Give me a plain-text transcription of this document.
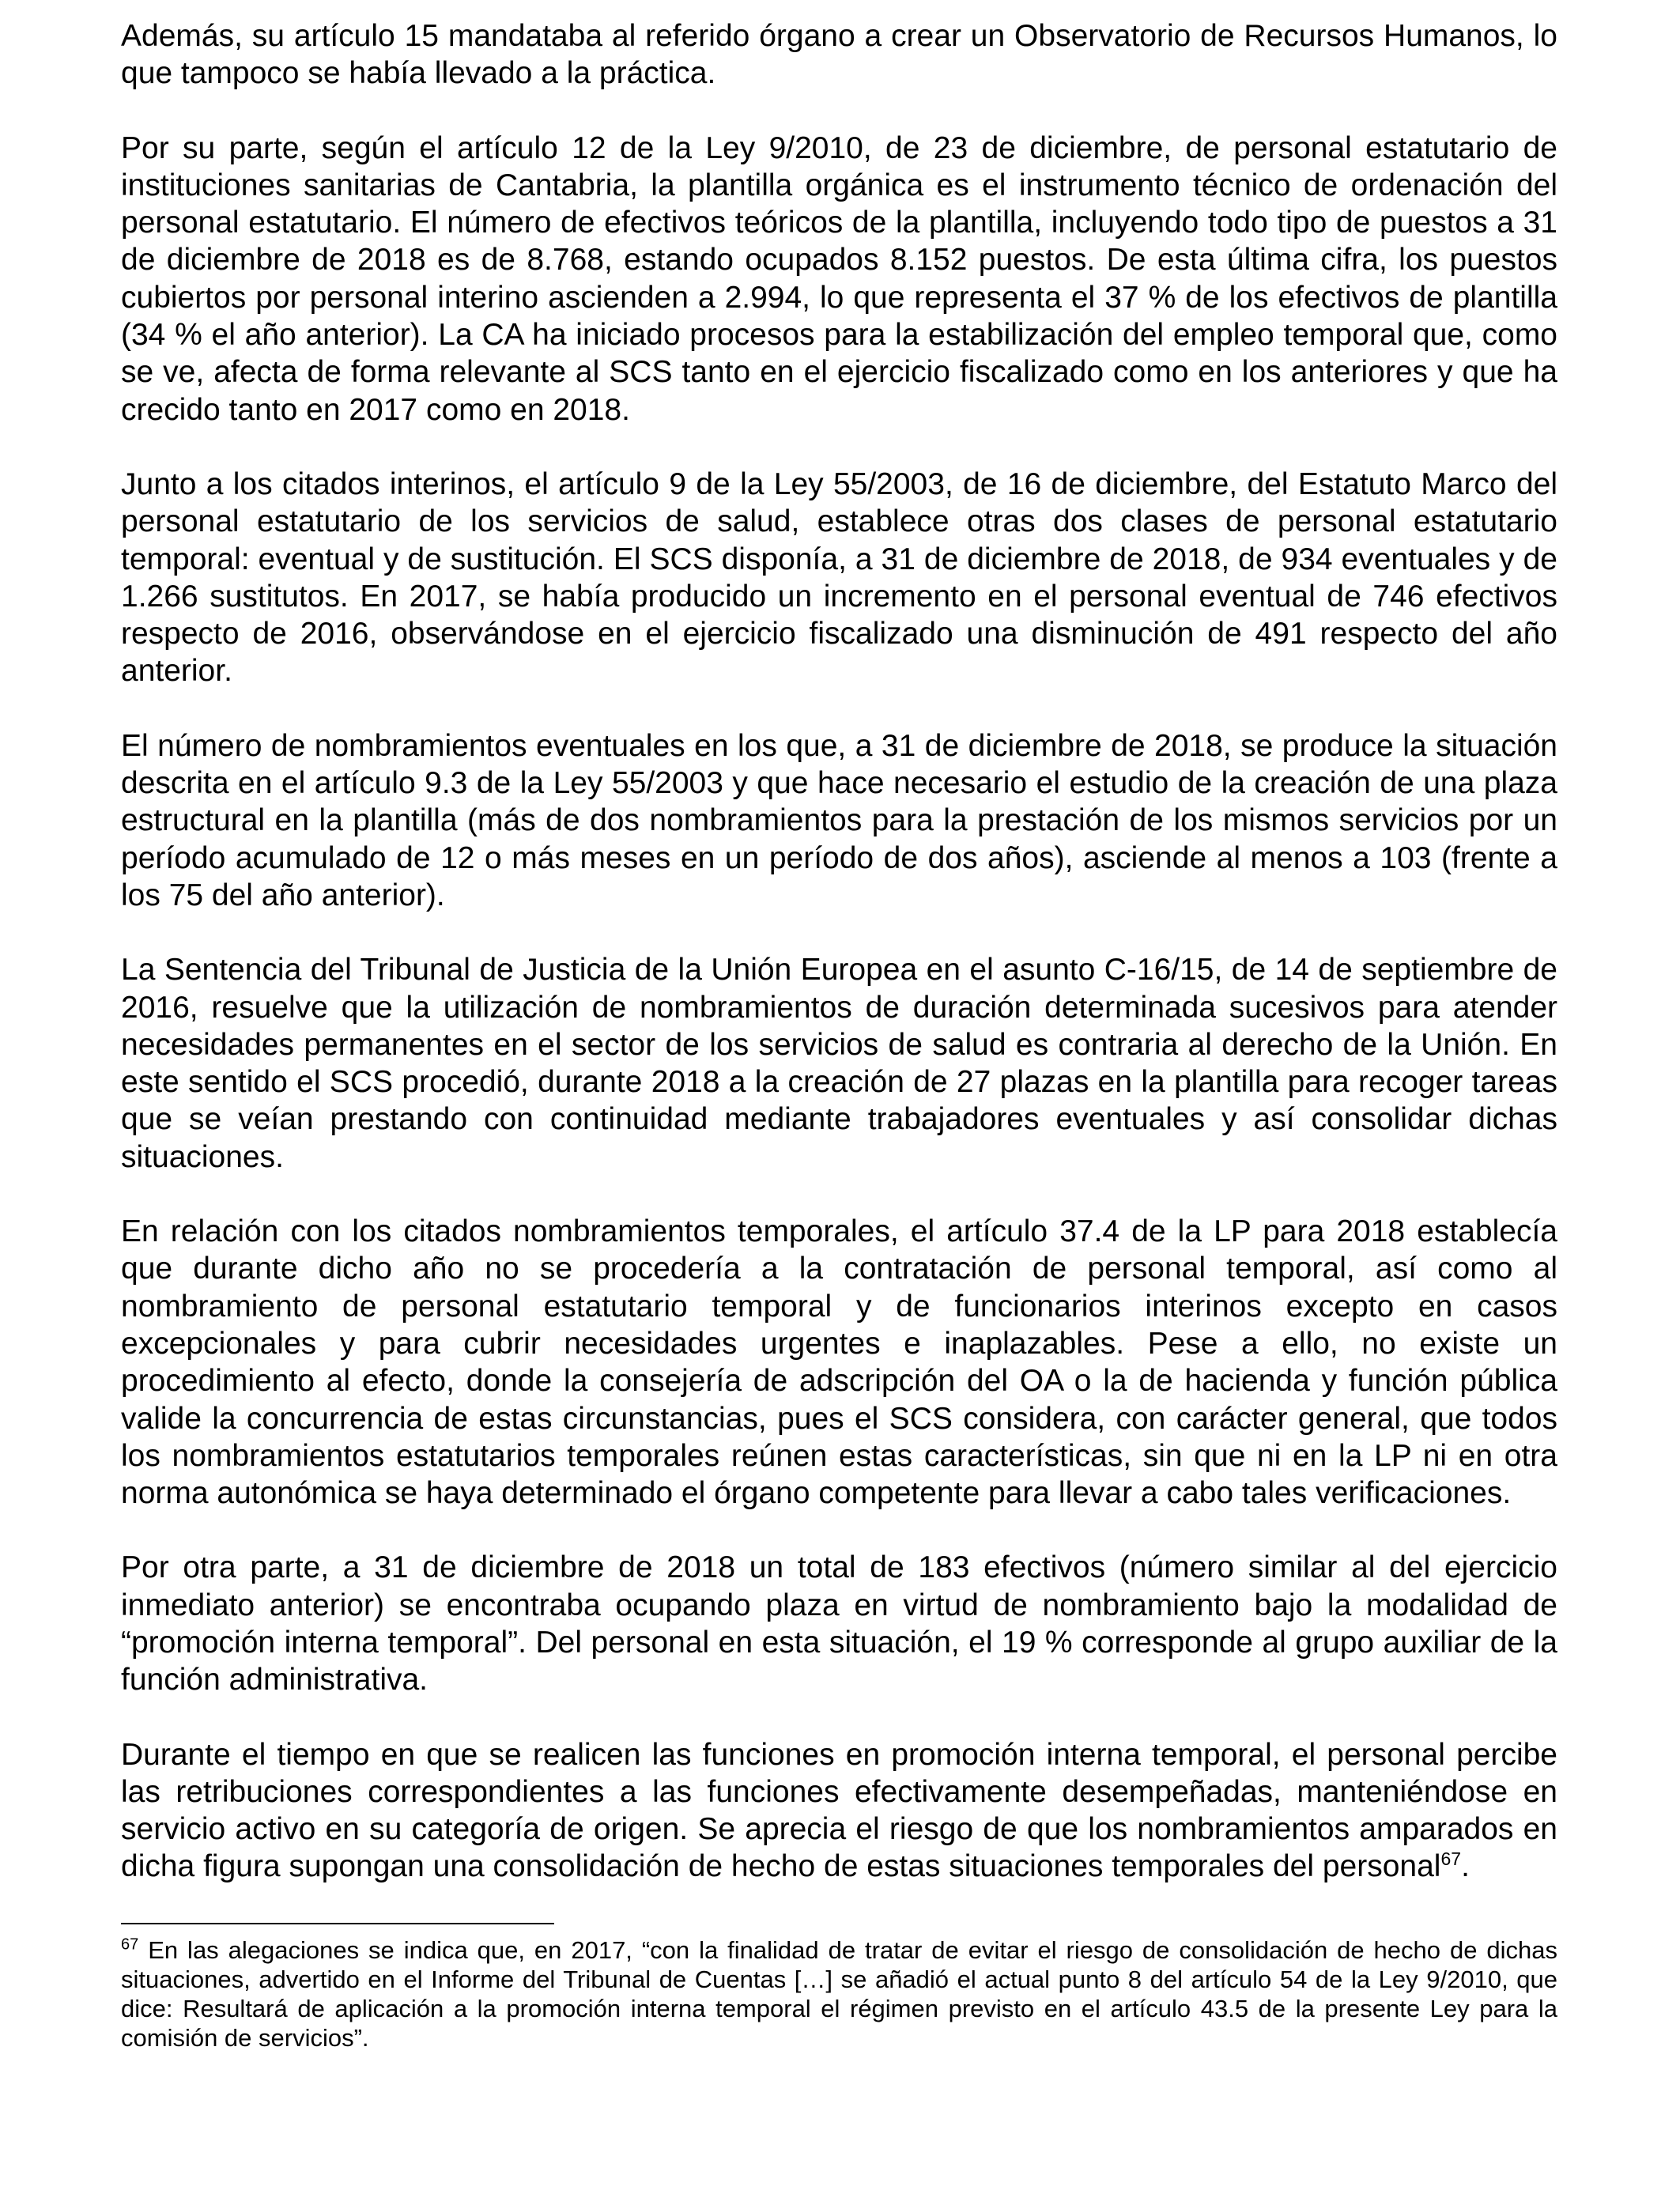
Además, su artículo 15 mandataba al referido órgano a crear un Observatorio de Recursos Humanos, lo que tampoco se había llevado a la práctica.

Por su parte, según el artículo 12 de la Ley 9/2010, de 23 de diciembre, de personal estatutario de instituciones sanitarias de Cantabria, la plantilla orgánica es el instrumento técnico de ordenación del personal estatutario. El número de efectivos teóricos de la plantilla, incluyendo todo tipo de puestos a 31 de diciembre de 2018 es de 8.768, estando ocupados 8.152 puestos. De esta última cifra, los puestos cubiertos por personal interino ascienden a 2.994, lo que representa el 37 % de los efectivos de plantilla (34 % el año anterior). La CA ha iniciado procesos para la estabilización del empleo temporal que, como se ve, afecta de forma relevante al SCS tanto en el ejercicio fiscalizado como en los anteriores y que ha crecido tanto en 2017 como en 2018.

Junto a los citados interinos, el artículo 9 de la Ley 55/2003, de 16 de diciembre, del Estatuto Marco del personal estatutario de los servicios de salud, establece otras dos clases de personal estatutario temporal: eventual y de sustitución. El SCS disponía, a 31 de diciembre de 2018, de 934 eventuales y de 1.266 sustitutos. En 2017, se había producido un incremento en el personal eventual de 746 efectivos respecto de 2016, observándose en el ejercicio fiscalizado una disminución de 491 respecto del año anterior.

El número de nombramientos eventuales en los que, a 31 de diciembre de 2018, se produce la situación descrita en el artículo 9.3 de la Ley 55/2003 y que hace necesario el estudio de la creación de una plaza estructural en la plantilla (más de dos nombramientos para la prestación de los mismos servicios por un período acumulado de 12 o más meses en un período de dos años), asciende al menos a 103 (frente a los 75 del año anterior).

La Sentencia del Tribunal de Justicia de la Unión Europea en el asunto C-16/15, de 14 de septiembre de 2016, resuelve que la utilización de nombramientos de duración determinada sucesivos para atender necesidades permanentes en el sector de los servicios de salud es contraria al derecho de la Unión. En este sentido el SCS procedió, durante 2018 a la creación de 27 plazas en la plantilla para recoger tareas que se veían prestando con continuidad mediante trabajadores eventuales y así consolidar dichas situaciones.

En relación con los citados nombramientos temporales, el artículo 37.4 de la LP para 2018 establecía que durante dicho año no se procedería a la contratación de personal temporal, así como al nombramiento de personal estatutario temporal y de funcionarios interinos excepto en casos excepcionales y para cubrir necesidades urgentes e inaplazables. Pese a ello, no existe un procedimiento al efecto, donde la consejería de adscripción del OA o la de hacienda y función pública valide la concurrencia de estas circunstancias, pues el SCS considera, con carácter general, que todos los nombramientos estatutarios temporales reúnen estas características, sin que ni en la LP ni en otra norma autonómica se haya determinado el órgano competente para llevar a cabo tales verificaciones.

Por otra parte, a 31 de diciembre de 2018 un total de 183 efectivos (número similar al del ejercicio inmediato anterior) se encontraba ocupando plaza en virtud de nombramiento bajo la modalidad de “promoción interna temporal”. Del personal en esta situación, el 19 % corresponde al grupo auxiliar de la función administrativa.

Durante el tiempo en que se realicen las funciones en promoción interna temporal, el personal percibe las retribuciones correspondientes a las funciones efectivamente desempeñadas, manteniéndose en servicio activo en su categoría de origen. Se aprecia el riesgo de que los nombramientos amparados en dicha figura supongan una consolidación de hecho de estas situaciones temporales del personal$^{67}$.

$^{67}$ En las alegaciones se indica que, en 2017, “con la finalidad de tratar de evitar el riesgo de consolidación de hecho de dichas situaciones, advertido en el Informe del Tribunal de Cuentas […] se añadió el actual punto 8 del artículo 54 de la Ley 9/2010, que dice: Resultará de aplicación a la promoción interna temporal el régimen previsto en el artículo 43.5 de la presente Ley para la comisión de servicios”.
